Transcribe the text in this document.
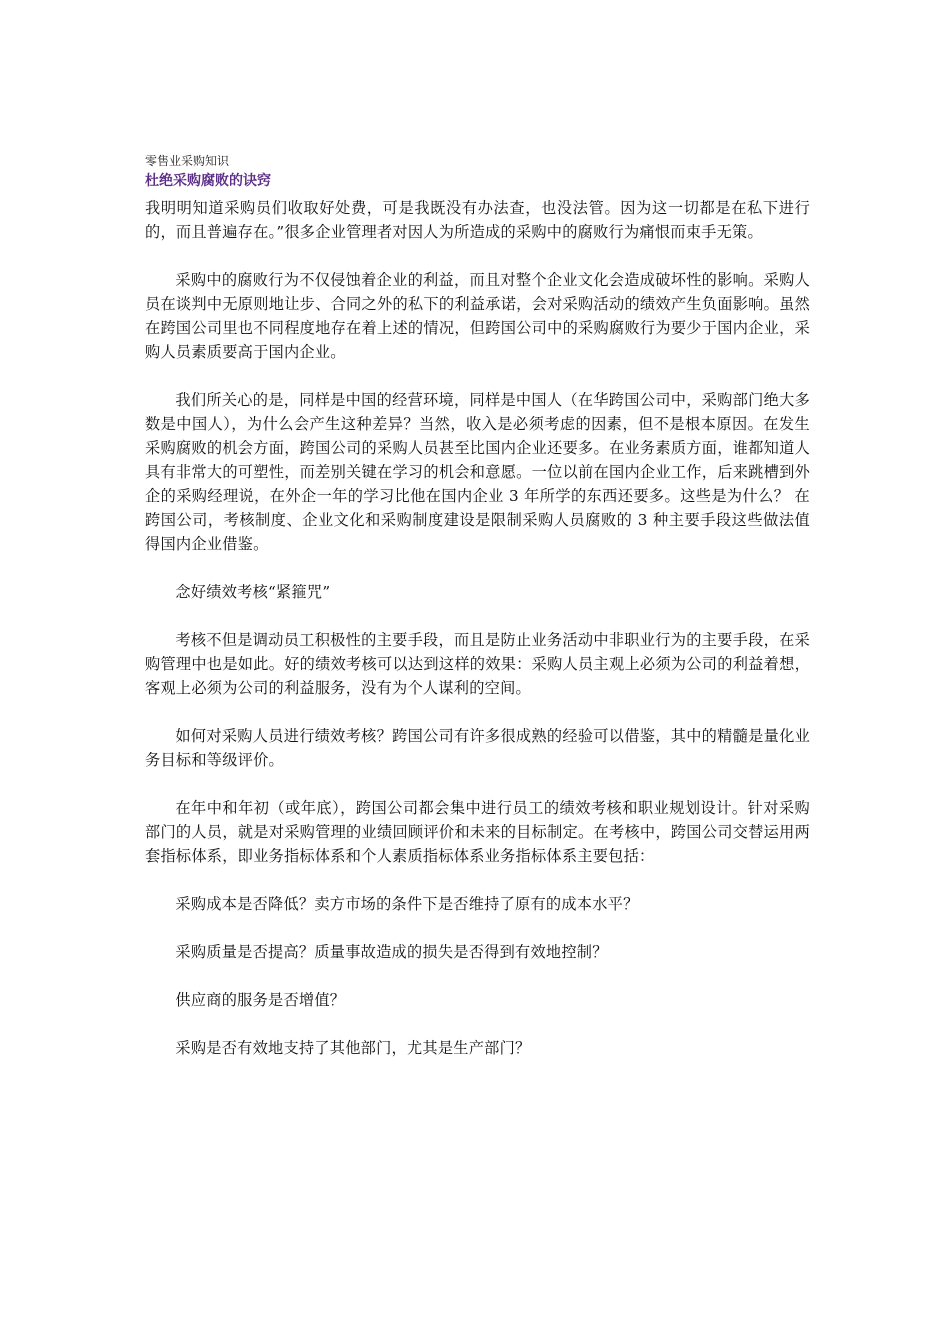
零售业采购知识

杜绝采购腐败的诀窍

我明明知道采购员们收取好处费，可是我既没有办法查，也没法管。因为这一切都是在私下进行的，而且普遍存在。”很多企业管理者对因人为所造成的采购中的腐败行为痛恨而束手无策。

采购中的腐败行为不仅侵蚀着企业的利益，而且对整个企业文化会造成破坏性的影响。采购人员在谈判中无原则地让步、合同之外的私下的利益承诺，会对采购活动的绩效产生负面影响。虽然在跨国公司里也不同程度地存在着上述的情况，但跨国公司中的采购腐败行为要少于国内企业，采购人员素质要高于国内企业。

我们所关心的是，同样是中国的经营环境，同样是中国人（在华跨国公司中，采购部门绝大多数是中国人），为什么会产生这种差异？当然，收入是必须考虑的因素，但不是根本原因。在发生采购腐败的机会方面，跨国公司的采购人员甚至比国内企业还要多。在业务素质方面，谁都知道人具有非常大的可塑性，而差别关键在学习的机会和意愿。一位以前在国内企业工作，后来跳槽到外企的采购经理说，在外企一年的学习比他在国内企业 3 年所学的东西还要多。这些是为什么？ 在跨国公司，考核制度、企业文化和采购制度建设是限制采购人员腐败的 3 种主要手段这些做法值得国内企业借鉴。

念好绩效考核“紧箍咒”

考核不但是调动员工积极性的主要手段，而且是防止业务活动中非职业行为的主要手段，在采购管理中也是如此。好的绩效考核可以达到这样的效果：采购人员主观上必须为公司的利益着想，客观上必须为公司的利益服务，没有为个人谋利的空间。

如何对采购人员进行绩效考核？跨国公司有许多很成熟的经验可以借鉴，其中的精髓是量化业务目标和等级评价。

在年中和年初（或年底），跨国公司都会集中进行员工的绩效考核和职业规划设计。针对采购部门的人员，就是对采购管理的业绩回顾评价和未来的目标制定。在考核中，跨国公司交替运用两套指标体系，即业务指标体系和个人素质指标体系业务指标体系主要包括：

采购成本是否降低？卖方市场的条件下是否维持了原有的成本水平？

采购质量是否提高？质量事故造成的损失是否得到有效地控制？

供应商的服务是否增值？

采购是否有效地支持了其他部门，尤其是生产部门？
